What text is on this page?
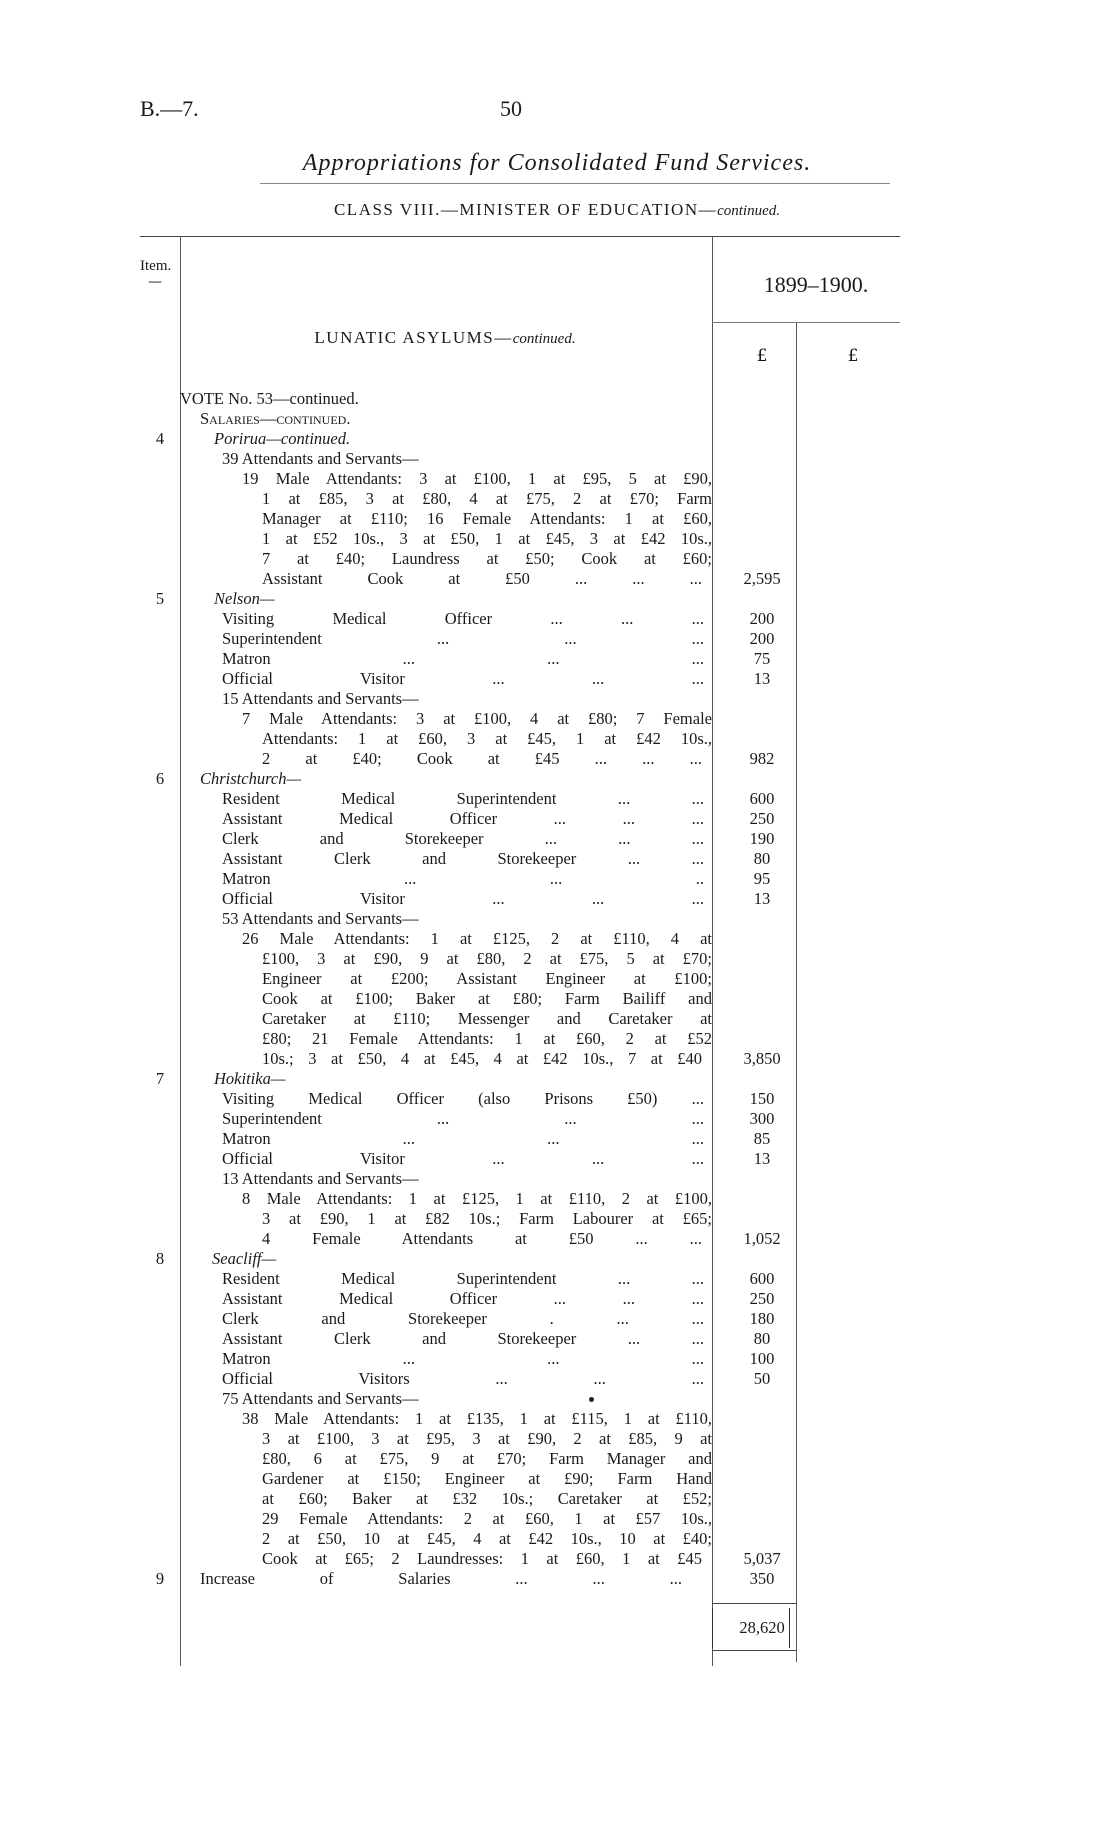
B.—7.	50
Appropriations for Consolidated Fund Services.
CLASS VIII.—MINISTER OF EDUCATION—continued.
Item.
—	1899–1900.
£	£
LUNATIC ASYLUMS—continued.
VOTE No. 53—continued.
Salaries—continued.
4	Porirua—continued.
39 Attendants and Servants—
19 Male Attendants: 3 at £100, 1 at £95, 5 at £90,
1 at £85, 3 at £80, 4 at £75, 2 at £70; Farm
Manager at £110; 16 Female Attendants: 1 at £60,
1 at £52 10s., 3 at £50, 1 at £45, 3 at £42 10s.,
7 at £40; Laundress at £50; Cook at £60;
Assistant Cook at £50 ... ... ...	2,595
5	Nelson—
Visiting Medical Officer ... ... ...	200
Superintendent ... ... ...	200
Matron ... ... ...	75
Official Visitor ... ... ...	13
15 Attendants and Servants—
7 Male Attendants: 3 at £100, 4 at £80; 7 Female
Attendants: 1 at £60, 3 at £45, 1 at £42 10s.,
2 at £40; Cook at £45 ... ... ...	982
6	Christchurch—
Resident Medical Superintendent ... ...	600
Assistant Medical Officer ... ... ...	250
Clerk and Storekeeper ... ... ...	190
Assistant Clerk and Storekeeper ... ...	80
Matron ... ... ..	95
Official Visitor ... ... ...	13
53 Attendants and Servants—
26 Male Attendants: 1 at £125, 2 at £110, 4 at
£100, 3 at £90, 9 at £80, 2 at £75, 5 at £70;
Engineer at £200; Assistant Engineer at £100;
Cook at £100; Baker at £80; Farm Bailiff and
Caretaker at £110; Messenger and Caretaker at
£80; 21 Female Attendants: 1 at £60, 2 at £52
10s.; 3 at £50, 4 at £45, 4 at £42 10s., 7 at £40	3,850
7	Hokitika—
Visiting Medical Officer (also Prisons £50) ...	150
Superintendent ... ... ...	300
Matron ... ... ...	85
Official Visitor ... ... ...	13
13 Attendants and Servants—
8 Male Attendants: 1 at £125, 1 at £110, 2 at £100,
3 at £90, 1 at £82 10s.; Farm Labourer at £65;
4 Female Attendants at £50 ... ...	1,052
8	Seacliff—
Resident Medical Superintendent ... ...	600
Assistant Medical Officer ... ... ...	250
Clerk and Storekeeper . ... ...	180
Assistant Clerk and Storekeeper ... ...	80
Matron ... ... ...	100
Official Visitors ... ... ...	50
75 Attendants and Servants—
38 Male Attendants: 1 at £135, 1 at £115, 1 at £110,
3 at £100, 3 at £95, 3 at £90, 2 at £85, 9 at
£80, 6 at £75, 9 at £70; Farm Manager and
Gardener at £150; Engineer at £90; Farm Hand
at £60; Baker at £32 10s.; Caretaker at £52;
29 Female Attendants: 2 at £60, 1 at £57 10s.,
2 at £50, 10 at £45, 4 at £42 10s., 10 at £40;
Cook at £65; 2 Laundresses: 1 at £60, 1 at £45	5,037
9	Increase of Salaries ... ... ...	350
28,620
